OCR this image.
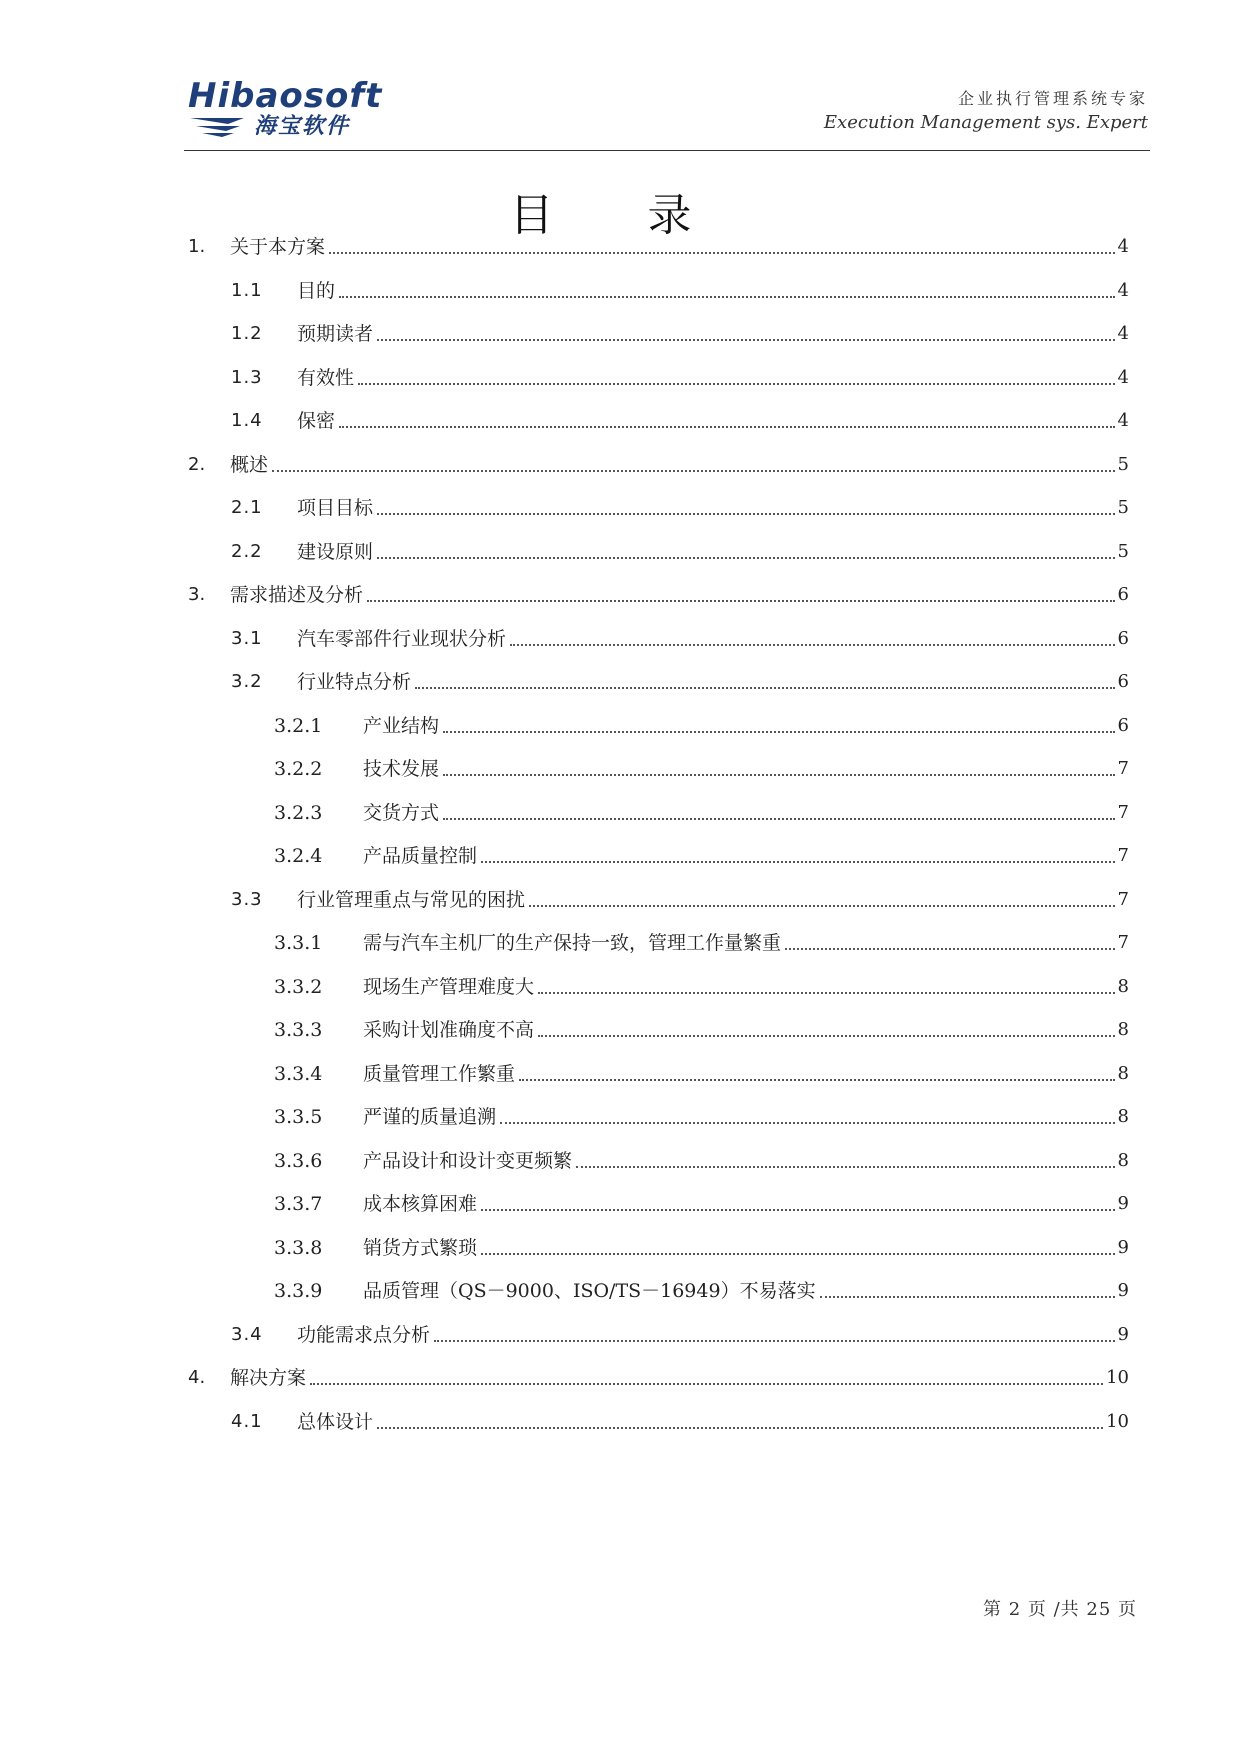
Hibaosoft
海宝软件
企业执行管理系统专家
Execution Management sys. Expert
目 录
1.	关于本方案	4
1.1	目的	4
1.2	预期读者	4
1.3	有效性	4
1.4	保密	4
2.	概述	5
2.1	项目目标	5
2.2	建设原则	5
3.	需求描述及分析	6
3.1	汽车零部件行业现状分析	6
3.2	行业特点分析	6
3.2.1	产业结构	6
3.2.2	技术发展	7
3.2.3	交货方式	7
3.2.4	产品质量控制	7
3.3	行业管理重点与常见的困扰	7
3.3.1	需与汽车主机厂的生产保持一致，管理工作量繁重	7
3.3.2	现场生产管理难度大	8
3.3.3	采购计划准确度不高	8
3.3.4	质量管理工作繁重	8
3.3.5	严谨的质量追溯	8
3.3.6	产品设计和设计变更频繁	8
3.3.7	成本核算困难	9
3.3.8	销货方式繁琐	9
3.3.9	品质管理（QS－9000、ISO/TS－16949）不易落实	9
3.4	功能需求点分析	9
4.	解决方案	10
4.1	总体设计	10
第 2 页 /共 25 页
